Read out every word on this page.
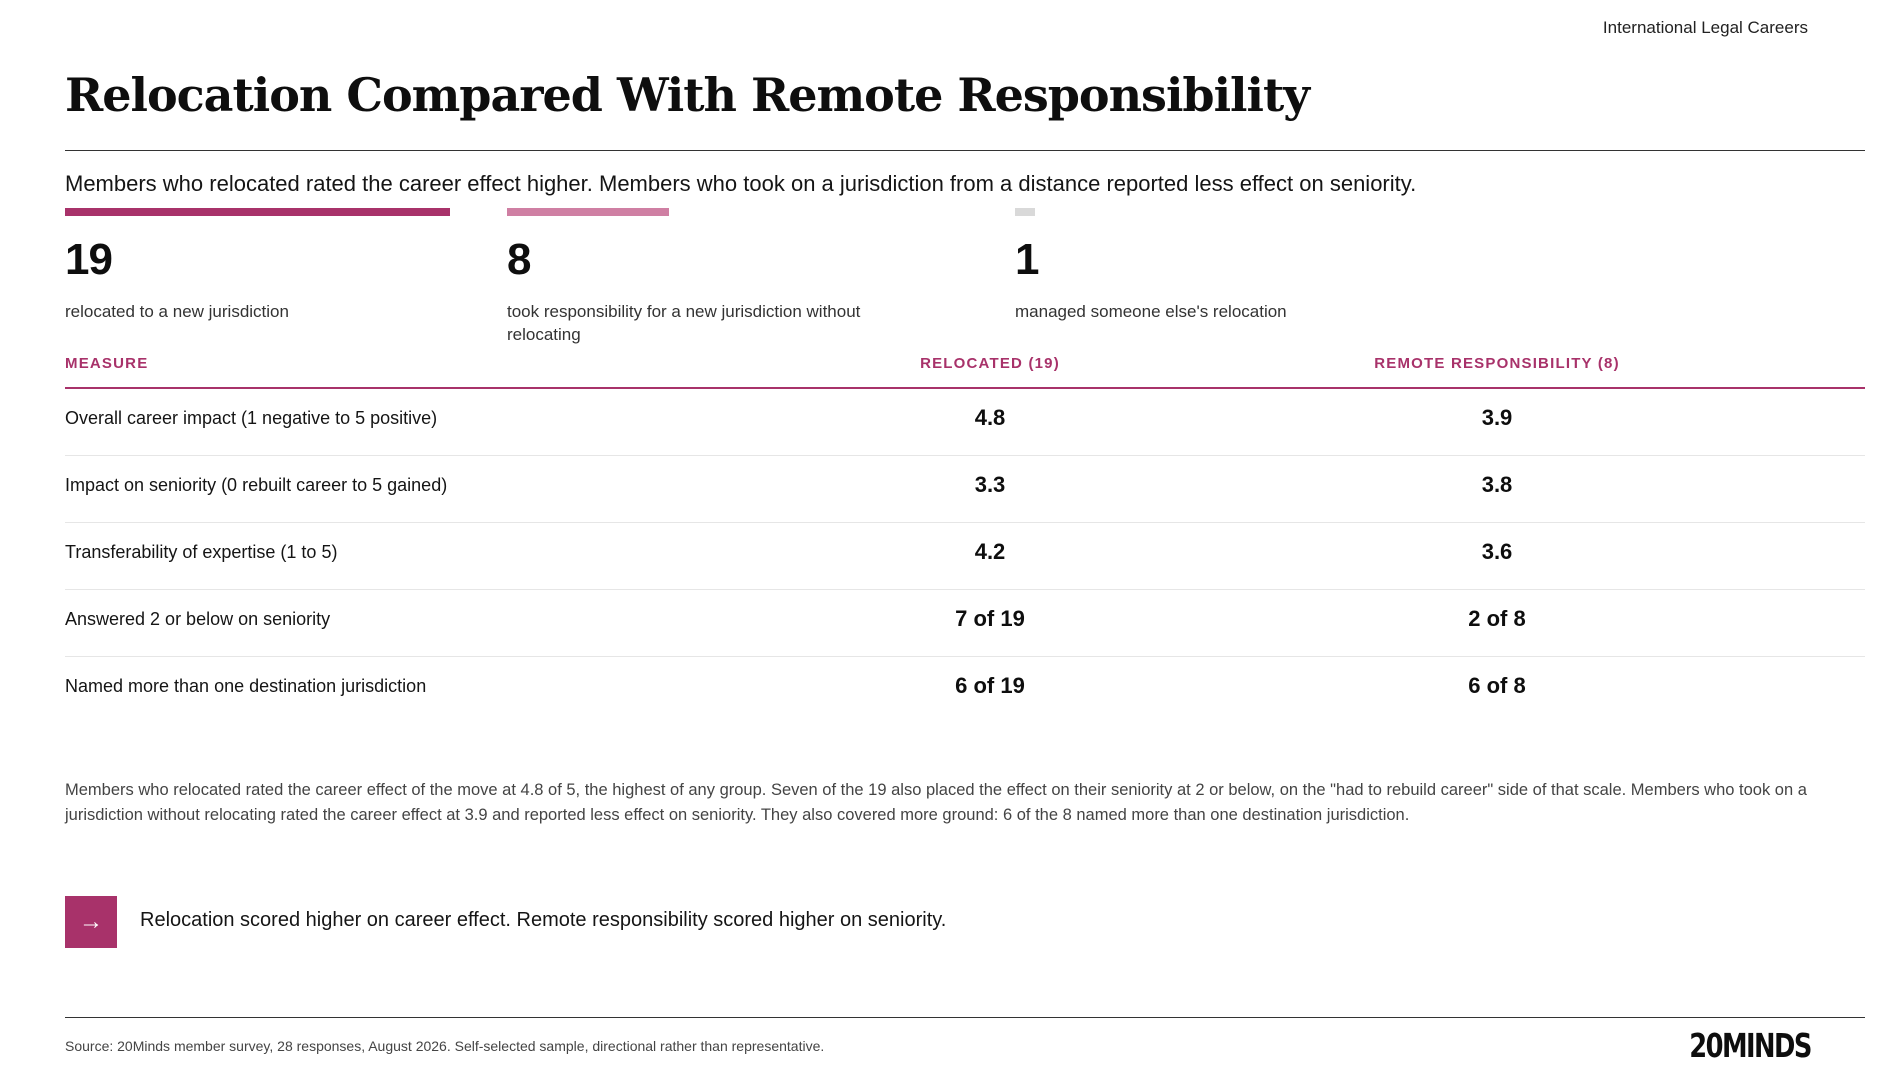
International Legal Careers
Relocation Compared With Remote Responsibility
Members who relocated rated the career effect higher. Members who took on a jurisdiction from a distance reported less effect on seniority.
19
relocated to a new jurisdiction
8
took responsibility for a new jurisdiction without relocating
1
managed someone else's relocation
MEASURE	RELOCATED (19)	REMOTE RESPONSIBILITY (8)
Overall career impact (1 negative to 5 positive)	4.8	3.9
Impact on seniority (0 rebuilt career to 5 gained)	3.3	3.8
Transferability of expertise (1 to 5)	4.2	3.6
Answered 2 or below on seniority	7 of 19	2 of 8
Named more than one destination jurisdiction	6 of 19	6 of 8
Members who relocated rated the career effect of the move at 4.8 of 5, the highest of any group. Seven of the 19 also placed the effect on their seniority at 2 or below, on the "had to rebuild career" side of that scale. Members who took on a jurisdiction without relocating rated the career effect at 3.9 and reported less effect on seniority. They also covered more ground: 6 of the 8 named more than one destination jurisdiction.
→	Relocation scored higher on career effect. Remote responsibility scored higher on seniority.
Source: 20Minds member survey, 28 responses, August 2026. Self-selected sample, directional rather than representative.	20MINDS
